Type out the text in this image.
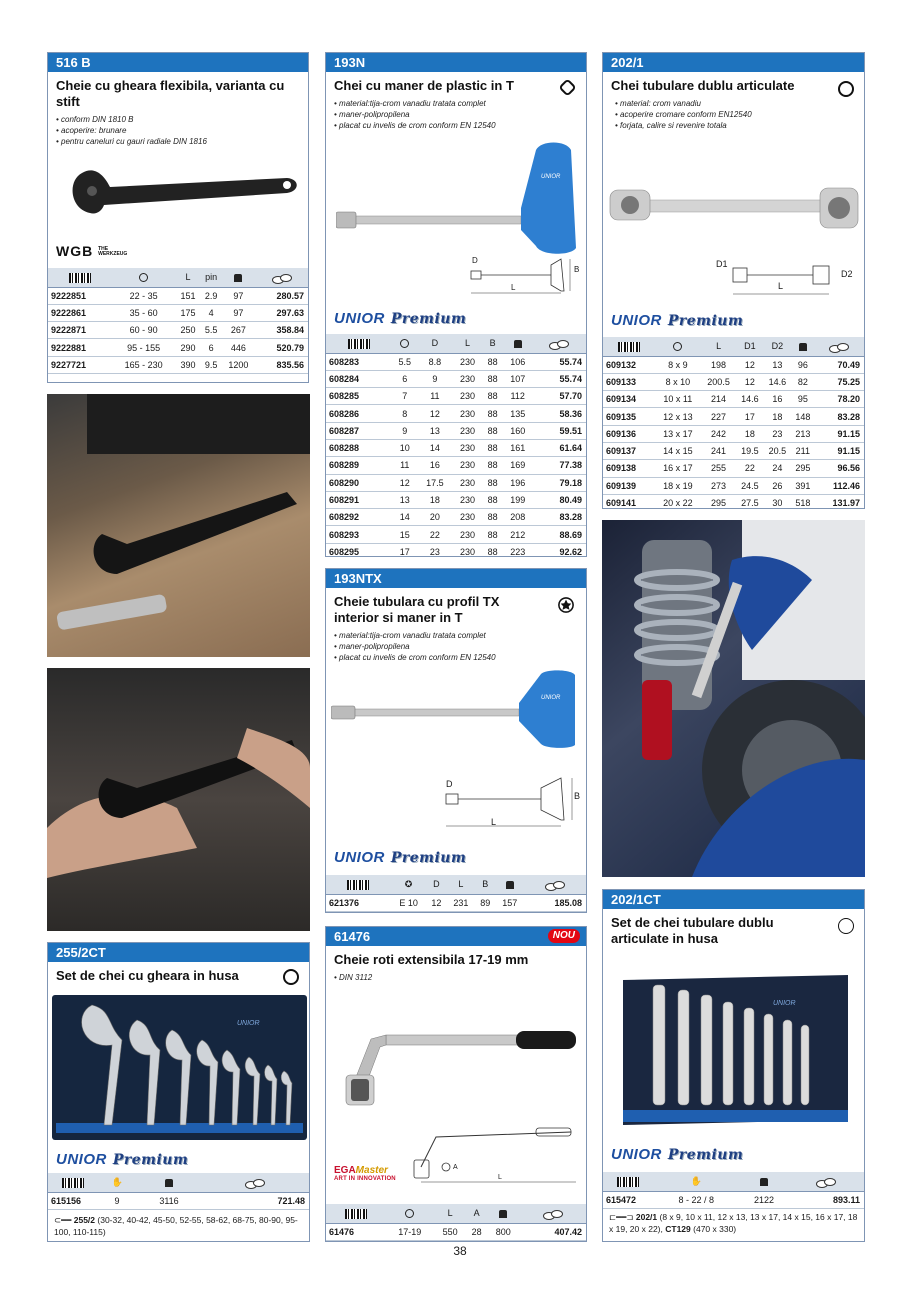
516 B
Cheie cu gheara flexibila, varianta cu stift
• conform DIN 1810 B
• acoperire: brunare
• pentru caneluri cu gauri radiale DIN 1816
WGB THE WERKZEUG
		L	pin		
9222851	22 - 35	151	2.9	97	280.57
9222861	35 - 60	175	4	97	297.63
9222871	60 - 90	250	5.5	267	358.84
9222881	95 - 155	290	6	446	520.79
9227721	165 - 230	390	9.5	1200	835.56
255/2CT
Set de chei cu gheara in husa
UNIOR
UNIOR Premium
	✋		
615156	9	3116	721.48
⊂━━ 255/2 (30-32, 40-42, 45-50, 52-55, 58-62, 68-75, 80-90, 95-100, 110-115)
193N
Chei cu maner de plastic in T
• material:tija-crom vanadiu tratata complet
• maner-polipropilena
• placat cu invelis de crom conform EN 12540
UNIOR
D
B
L
UNIOR Premium
		D	L	B		
608283	5.5	8.8	230	88	106	55.74
608284	6	9	230	88	107	55.74
608285	7	11	230	88	112	57.70
608286	8	12	230	88	135	58.36
608287	9	13	230	88	160	59.51
608288	10	14	230	88	161	61.64
608289	11	16	230	88	169	77.38
608290	12	17.5	230	88	196	79.18
608291	13	18	230	88	199	80.49
608292	14	20	230	88	208	83.28
608293	15	22	230	88	212	88.69
608295	17	23	230	88	223	92.62
193NTX
Cheie tubulara cu profil TX interior si maner in T
• material:tija-crom vanadiu tratata complet
• maner-polipropilena
• placat cu invelis de crom conform EN 12540
UNIOR
D
B
L
UNIOR Premium
	✪	D	L	B		
621376	E 10	12	231	89	157	185.08
61476	NOU
Cheie roti extensibila 17-19 mm
• DIN 3112
A
L
EGAMaster
ART IN INNOVATION
		L	A		
61476	17-19	550	28	800	407.42
202/1
Chei tubulare dublu articulate
• material: crom vanadiu
• acoperire cromare conform EN12540
• forjata, calire si revenire totala
D1
D2
L
UNIOR Premium
		L	D1	D2		
609132	8 x 9	198	12	13	96	70.49
609133	8 x 10	200.5	12	14.6	82	75.25
609134	10 x 11	214	14.6	16	95	78.20
609135	12 x 13	227	17	18	148	83.28
609136	13 x 17	242	18	23	213	91.15
609137	14 x 15	241	19.5	20.5	211	91.15
609138	16 x 17	255	22	24	295	96.56
609139	18 x 19	273	24.5	26	391	112.46
609141	20 x 22	295	27.5	30	518	131.97
202/1CT
Set de chei tubulare dublu articulate in husa
UNIOR
UNIOR Premium
	✋		
615472	8 - 22 / 8	2122	893.11
⊏━━⊐ 202/1 (8 x 9, 10 x 11, 12 x 13, 13 x 17, 14 x 15, 16 x 17, 18 x 19, 20 x 22), CT129 (470 x 330)
38
